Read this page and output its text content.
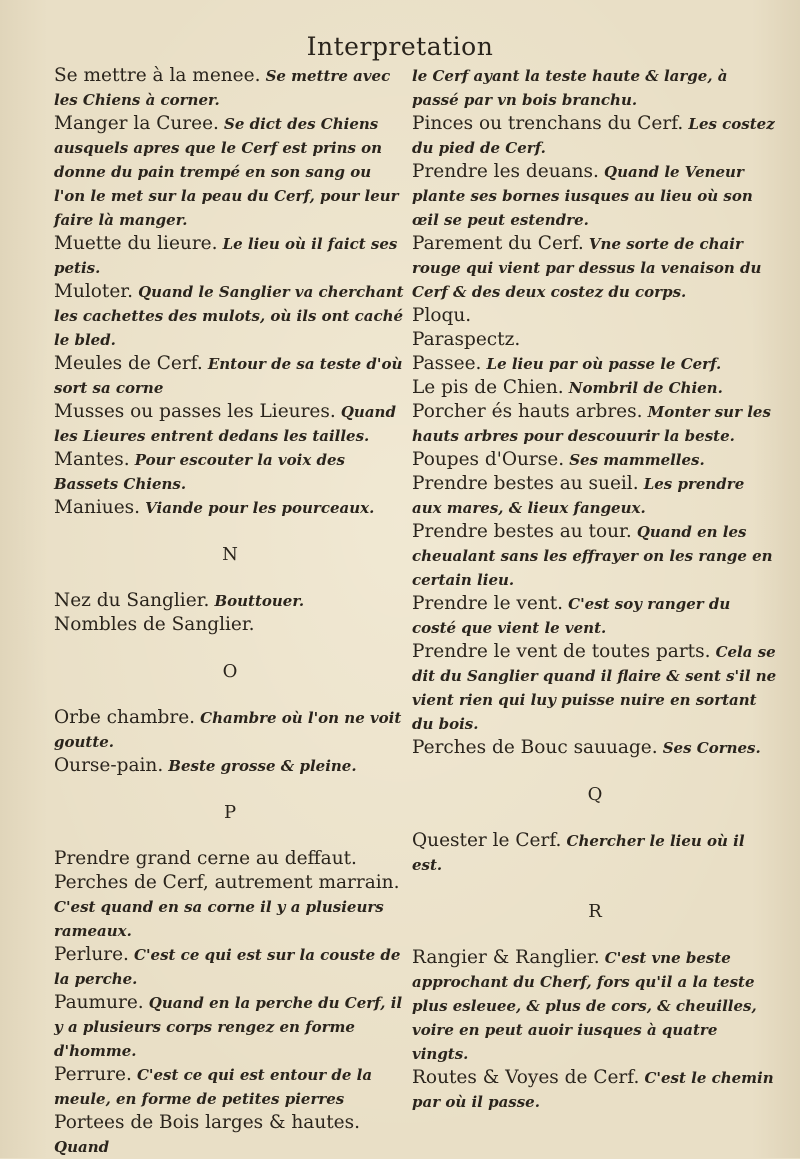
Interpretation
Se mettre à la menee. Se mettre avec les Chiens à corner.
Manger la Curee. Se dict des Chiens ausquels apres que le Cerf est prins on donne du pain trempé en son sang ou l'on le met sur la peau du Cerf, pour leur faire là manger.
Muette du lieure. Le lieu où il faict ses petis.
Muloter. Quand le Sanglier va cherchant les cachettes des mulots, où ils ont caché le bled.
Meules de Cerf. Entour de sa teste d'où sort sa corne
Musses ou passes les Lieures. Quand les Lieures entrent dedans les tailles.
Mantes. Pour escouter la voix des Bassets Chiens.
Maniues. Viande pour les pourceaux.
N
Nez du Sanglier. Bouttouer.
Nombles de Sanglier.
O
Orbe chambre. Chambre où l'on ne voit goutte.
Ourse-pain. Beste grosse & pleine.
P
Prendre grand cerne au deffaut.
Perches de Cerf, autrement marrain. C'est quand en sa corne il y a plusieurs rameaux.
Perlure. C'est ce qui est sur la couste de la perche.
Paumure. Quand en la perche du Cerf, il y a plusieurs corps rengez en forme d'homme.
Perrure. C'est ce qui est entour de la meule, en forme de petites pierres
Portees de Bois larges & hautes. Quand
le Cerf ayant la teste haute & large, à passé par vn bois branchu.
Pinces ou trenchans du Cerf. Les costez du pied de Cerf.
Prendre les deuans. Quand le Veneur plante ses bornes iusques au lieu où son œil se peut estendre.
Parement du Cerf. Vne sorte de chair rouge qui vient par dessus la venaison du Cerf & des deux costez du corps.
Ploqu.
Paraspectz.
Passee. Le lieu par où passe le Cerf.
Le pis de Chien. Nombril de Chien.
Porcher és hauts arbres. Monter sur les hauts arbres pour descouurir la beste.
Poupes d'Ourse. Ses mammelles.
Prendre bestes au sueil. Les prendre aux mares, & lieux fangeux.
Prendre bestes au tour. Quand en les cheualant sans les effrayer on les range en certain lieu.
Prendre le vent. C'est soy ranger du costé que vient le vent.
Prendre le vent de toutes parts. Cela se dit du Sanglier quand il flaire & sent s'il ne vient rien qui luy puisse nuire en sortant du bois.
Perches de Bouc sauuage. Ses Cornes.
Q
Quester le Cerf. Chercher le lieu où il est.
R
Rangier & Ranglier. C'est vne beste approchant du Cherf, fors qu'il a la teste plus esleuee, & plus de cors, & cheuilles, voire en peut auoir iusques à quatre vingts.
Routes & Voyes de Cerf. C'est le chemin par où il passe.
